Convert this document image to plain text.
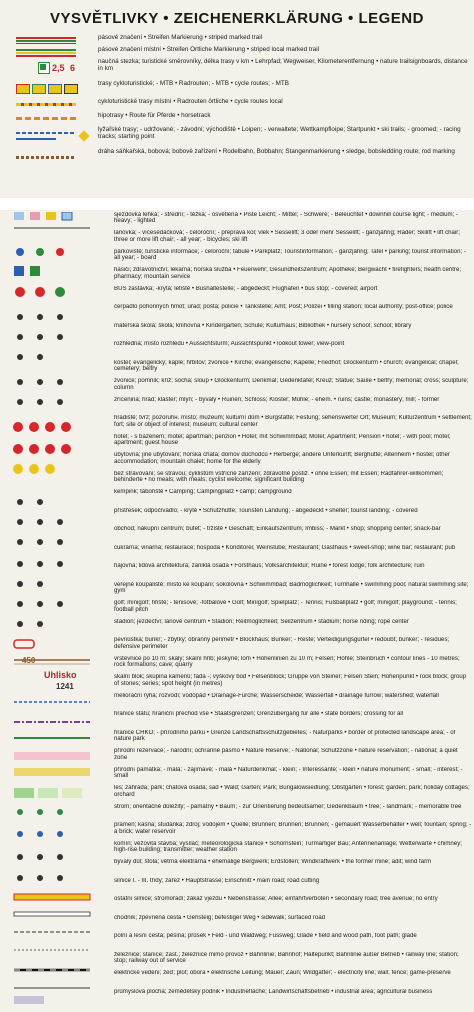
VYSVĚTLIVKY • ZEICHENERKLÄRUNG • LEGEND
pásové značení • Streifen Markierung • striped marked trail
pásové značení místní • Streifen Örtliche Markierung • striped local marked trail
2,5 6
naučná stezka; turistické směrovníky, délka trasy v km • Lehrpfad; Wegweiser, Kilometerentfernung • nature trailsignboards, distance in km
trasy cykloturistické; - MTB • Radrouten; - MTB • cycle routes; - MTB
cykloturistické trasy místní • Radrouten örtliche • cycle routes local
hipotrasy • Route für Pferde • horsetrack
lyžařské trasy; - udržované; - závodní; východiště • Loipen; - verwaltete; Wettkampfloipe; Startpunkt • ski trails; - groomed; - racing tracks; starting point
dráha sáňkařská, bobová; bobové zařízení • Rodelbahn, Bobbahn; Stangenmarkierung • sledge, bobsledding route; rod marking
450
Uhlisko
1241
sjezdovka lehká; - střední; - těžká; - osvětlená • Piste Leicht; - Mittel; - Schwere; - Beleuchtet • downhill course light; - medium; - heavy; - lighted
lanovka; - vícesedačková; - celoroční; - přepravа kol; vlek • Sesselift; 3 oder mehr Sesselift; - ganzjährig; Räder; Skilift • lift chair; three or more lift chair; - all year; - bicycles; ski lift
parkoviště; turistické informace; - celoroční; tabule • Parkplatz; Touristinformation; - ganzjährig; Tafel • parking; tourist information; - all year; - board
hasiči; zdravotnictví; lékárna; horská služba • Feuerwehr; Gesundheitszentrum; Apotheke; Bergwacht • firefighters; health centre; pharmacy; mountain service
BUS zastávka; -krytá; letiště • Bushaltestelle; - abgedeckt; Flughafen • bus stop; - covered; airport
čerpadlo pohonných hmot; úřad; pošta; policie • Tankstelle; Amt; Post; Polizei • filling station; local authority; post-office; police
mateřská škola; škola; knihovna • Kindergarten; Schule; Kulturhaus; Bibliothek • nursery school; school; library
rozhledna; místo rozhledu • Aussichtsturm; Aussichtspunkt • lookout tower; view-point
kostel; evangelický; kaple; hřbitov; zvonice • Kirche; evangelische; Kapelle; Friedhof; Glockenturm • church; evangelical; chapel; cemetery; belfry
zvonice; pomník; kříž; socha; sloup • Glockenturm; Denkmal; Gedenktafel; Kreuz; Statue; Säule • belfry; memorial; cross; sculpture; column
zřícenina; hrad; klášter; mlýn; - bývalý • Ruinen; Schloss; Kloster; Mühle; - ehem. • ruins; castle; monastery; mill; - former
hradiště; tvrz; pozoruhн. místo; muzeum; kulturní dům • Burgstätte; Festung; sehenswerter Ort; Museum; Kulturzentrum • settlement; fort; site or object of interest; museum; cultural center
hotel; - s bazénem; motel; apartmán; penzion • Hotel; mit Schwimmbad; Motel; Apartment; Pension • hotel; - with pool; motel; apartment; guest house
ubytovna; jiné ubytování; horská chata; domov důchodců • Herberge; andere Unterkunft; Berghütte; Altenheim • hostel; other accommodation; mountain chalet; home for the elderly
bez stravování; se stravou; cyklistům vstřícné zařízení; zdravotně postiž. • ohne Essen; mit Essen; Radfahrer-willkommen; behinderte • no meals; with meals; cyclist welcome; significant building
kempink; tábořiště • Camping; Campingplatz • camp; campground
přístřešek; odpočívadlo; - krytě • Schutzhütte; Touristen Landung; - abgedeckt • shelter; tourist landing; - covered
obchod; nákupní centrum; bufet; - tržiště • Geschäft; Einkaufszentrum; Imbiss; - Markt • shop; shopping center; snack-bar
cukrárna; vinárna; restaurace; hospoda • Konditorei; Weinstube; Restaurant; Gasthaus • sweet-shop; wine bar; restaurant; pub
hájovna; lidová architektura; zaniklá osada • Forsthaus; Volksarchitektur; Ruine • forest lodge; folk architecture; ruin
veřejné koupaliště; místo ke koupání; sokolovna • Schwimmbad; Badmöglichkeit; Turnhalle • swimming pool; natural swimming site; gym
golf; minigolf; hřiště; - tenisové; -fotbalové • Golf; Minigolf; Spielplatz; - Tennis; Fußballplatz • golf; minigolf; playground; - tennis; football pitch
stadion; jezdectví; lanové centrum • Stadion; Reitmöglichkeit; Seilzentrum • stadium; horse riding; rope center
pevnůstka; bunkr; - zbytky; obranný perimetr • Blockhaus; Bunker; - Reste; Verteidigungsgürtel • redoubt; bunker; - residues; defensive perimeter
vrstevnice po 10 m; skály; skalní hřib; jeskyně; lom • Höhenlinien zu 10 m; Felsen; Höhle; Steinbruch • contour lines - 10 metres; rock formations; cave; quarry
skalní blok; skupina kamenů; fada -; výškový bod • Felsenblock; Gruppe von Steiner; Felsen Stein; Höhenpunkt • rock block; group of stones; series; spot height (in metres)
meliorační rýha; rozvodí; vodopád • Drainage-Furche; Wasserscheide; Wasserfall • drainage furrow; watershed; waterfall
hranice státu; hraniční přechod vše • Staatsgrenzen; Grenzübergang für alle • state borders; crossing for all
hranice CHKO; - přírodního parku • Grenze Landschaftsschutzgebietes; - Naturparks • border of protected landscape area; - of nature park
přírodní rezervace; - národní; ochranné pásmo • Nature Reserve; - National; Schutzzone • nature reservation; - national; a quiet zone
přírodní památka; - malá; - zajímavé; - malá • Naturdenkmal; - klein; - Interessante; - klein • nature monument; - small; - interest; - small
les; zahrada; park; chatová osada; sad • Wald; Garten; Park; Bungalowsiedlung; Obstgarten • forest; garden; park; holiday cottages; orchard
strom; orientačně důležitý; - památný • Baum; - zur Orientierung bedeutsamer; Gedenkbaum • tree; - landmark; - memorable tree
pramen; kašna; studánka; zdroj; vodojem • Quelle; Brunnen; Brunnen; Brunnen; - gemauert Wasserbehälter • well; fountain; spring; - a brick; water reservoir
komín; věžovitá stavba; vysílač; meteorologická stanice • Schornstein; Turmartiger Bau; Antennenanlage; Wetterwarte • chimney; high-rise building; transmitter; weather station
bývalý důl; štola; větrná elektrárna • ehemalige Bergwerk; Erdstollen; Windkraftwerk • the former mine; adit; wind farm
silnice I. - III. třídy; zářez • Hauptstrasse; Einschnitt • main road; road cutting
ostatní silnice; stromořadí; zákaz vjezdu • Nebenstrasse; Allee; einfahrtverboten • secondary road; tree avenue; no entry
chodník; zpevněná cesta • Gehsteig; befestiger Weg • sidewalk; surfaced road
polní a lesní cesta; pěšina; průsek • Feld - und Waldweg; Fussweg; Glade • field and wood path, foot path; glade
železnice; stanice; zast.; železnice mimo provoz • Bahnlinie; Bahnhof; Haltepunkt; Bahnlinie außer Betrieb • railway line; station; stop; railway out of service
elektrické vedení; zeď; plot; obora • elektrische Leitung; Mauer; Zaun; Wildgatter; - electricity line; wall; fence; game-preserve
průmyslová plocha; zemědělský podnik • Industriefläche; Landwirtschaftsbetrieb • industrial area; agricultural business
